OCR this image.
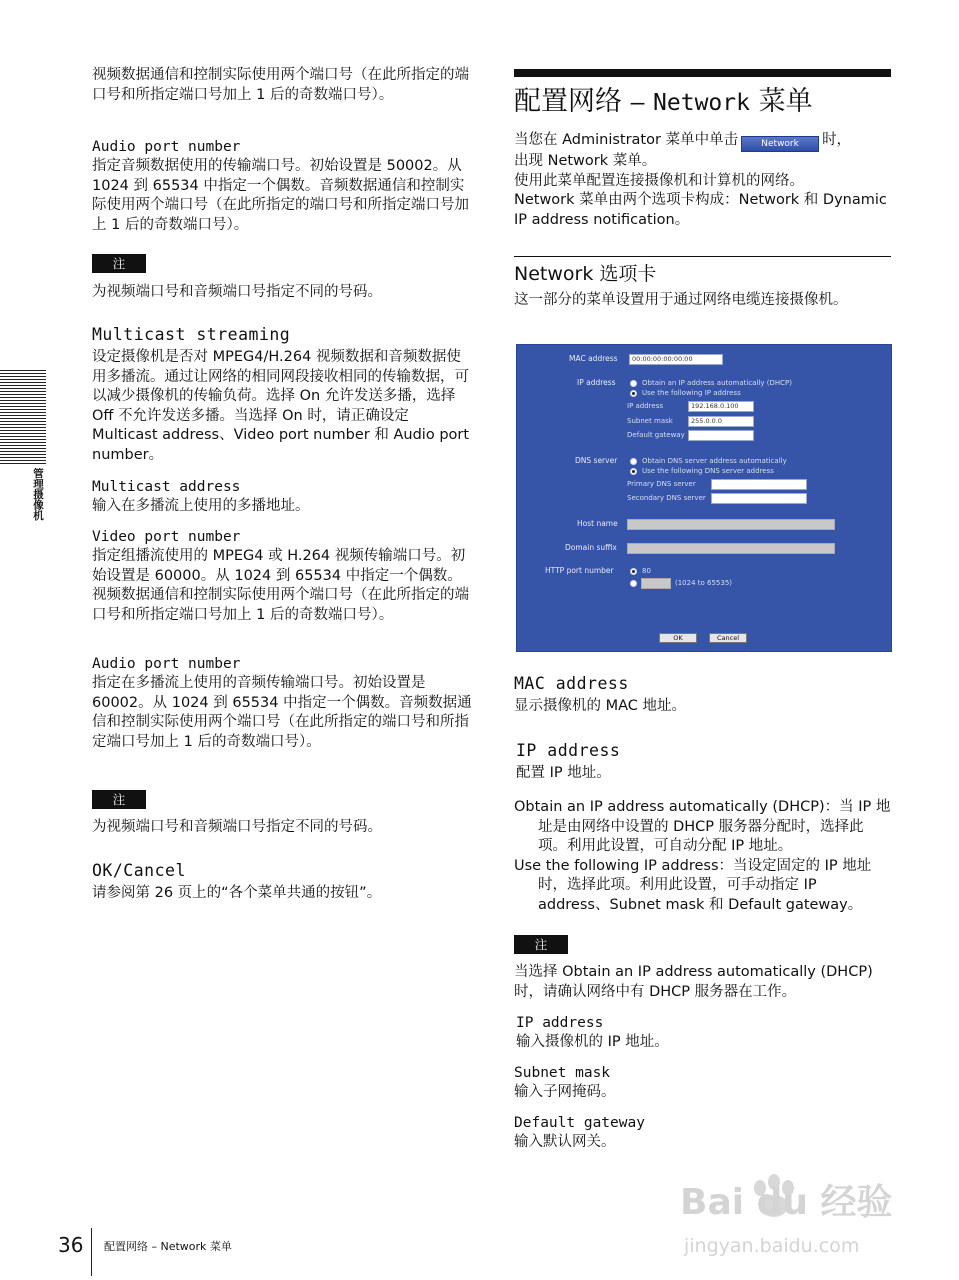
管理摄像机

视频数据通信和控制实际使用两个端口号（在此所指定的端口号和所指定端口号加上 1 后的奇数端口号）。

Audio port number

指定音频数据使用的传输端口号。初始设置是 50002。从 1024 到 65534 中指定一个偶数。音频数据通信和控制实际使用两个端口号（在此所指定的端口号和所指定端口号加上 1 后的奇数端口号）。

注

为视频端口号和音频端口号指定不同的号码。

Multicast streaming

设定摄像机是否对 MPEG4/H.264 视频数据和音频数据使用多播流。通过让网络的相同网段接收相同的传输数据，可以减少摄像机的传输负荷。选择 On 允许发送多播，选择 Off 不允许发送多播。当选择 On 时，请正确设定 Multicast address、Video port number 和 Audio port number。

Multicast address

输入在多播流上使用的多播地址。

Video port number

指定组播流使用的 MPEG4 或 H.264 视频传输端口号。初始设置是 60000。从 1024 到 65534 中指定一个偶数。视频数据通信和控制实际使用两个端口号（在此所指定的端口号和所指定端口号加上 1 后的奇数端口号）。

Audio port number

指定在多播流上使用的音频传输端口号。初始设置是 60002。从 1024 到 65534 中指定一个偶数。音频数据通信和控制实际使用两个端口号（在此所指定的端口号和所指定端口号加上 1 后的奇数端口号）。

注

为视频端口号和音频端口号指定不同的号码。

OK/Cancel

请参阅第 26 页上的“各个菜单共通的按钮”。

配置网络 – Network 菜单

当您在 Administrator 菜单中单击	Network 时，

出现 Network 菜单。

使用此菜单配置连接摄像机和计算机的网络。

Network 菜单由两个选项卡构成：Network 和 Dynamic IP address notification。

Network 选项卡

这一部分的菜单设置用于通过网络电缆连接摄像机。

MAC address	00:00:00:00:00:00
IP address	Obtain an IP address automatically (DHCP)
Use the following IP address
IP address	192.168.0.100
Subnet mask	255.0.0.0
Default gateway
DNS server	Obtain DNS server address automatically
Use the following DNS server address
Primary DNS server
Secondary DNS server
Host name
Domain suffix
HTTP port number	80
(1024 to 65535)
OK	Cancel

MAC address

显示摄像机的 MAC 地址。

IP address

配置 IP 地址。

Obtain an IP address automatically (DHCP)：当 IP 地址是由网络中设置的 DHCP 服务器分配时，选择此项。利用此设置，可自动分配 IP 地址。

Use the following IP address：当设定固定的 IP 地址时，选择此项。利用此设置，可手动指定 IP address、Subnet mask 和 Default gateway。

注

当选择 Obtain an IP address automatically (DHCP) 时，请确认网络中有 DHCP 服务器在工作。

IP address

输入摄像机的 IP 地址。

Subnet mask

输入子网掩码。

Default gateway

输入默认网关。

Bai du 经验
jingyan.baidu.com
36 配置网络 – Network 菜单
